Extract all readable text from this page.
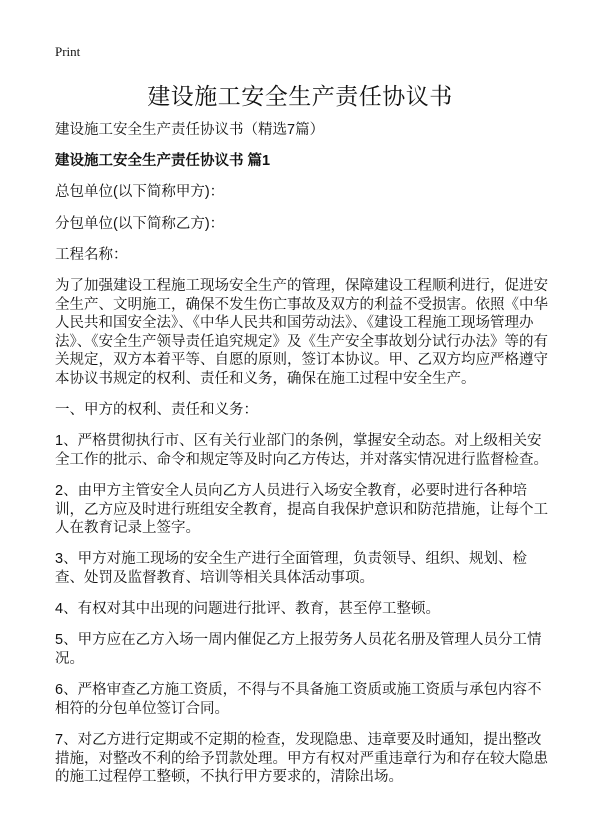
Print
建设施工安全生产责任协议书

建设施工安全生产责任协议书（精选7篇）

建设施工安全生产责任协议书 篇1

总包单位(以下简称甲方)：

分包单位(以下简称乙方)：

工程名称：

为了加强建设工程施工现场安全生产的管理，保障建设工程顺利进行，促进安全生产、文明施工，确保不发生伤亡事故及双方的利益不受损害。依照《中华人民共和国安全法》、《中华人民共和国劳动法》、《建设工程施工现场管理办法》、《安全生产领导责任追究规定》及《生产安全事故划分试行办法》等的有关规定，双方本着平等、自愿的原则，签订本协议。甲、乙双方均应严格遵守本协议书规定的权利、责任和义务，确保在施工过程中安全生产。

一、甲方的权利、责任和义务：

1、严格贯彻执行市、区有关行业部门的条例，掌握安全动态。对上级相关安全工作的批示、命令和规定等及时向乙方传达，并对落实情况进行监督检查。

2、由甲方主管安全人员向乙方人员进行入场安全教育，必要时进行各种培训，乙方应及时进行班组安全教育，提高自我保护意识和防范措施，让每个工人在教育记录上签字。

3、甲方对施工现场的安全生产进行全面管理，负责领导、组织、规划、检查、处罚及监督教育、培训等相关具体活动事项。

4、有权对其中出现的问题进行批评、教育，甚至停工整顿。

5、甲方应在乙方入场一周内催促乙方上报劳务人员花名册及管理人员分工情况。

6、严格审查乙方施工资质，不得与不具备施工资质或施工资质与承包内容不相符的分包单位签订合同。

7、对乙方进行定期或不定期的检查，发现隐患、违章要及时通知，提出整改措施，对整改不利的给予罚款处理。甲方有权对严重违章行为和存在较大隐患的施工过程停工整顿，不执行甲方要求的，清除出场。
